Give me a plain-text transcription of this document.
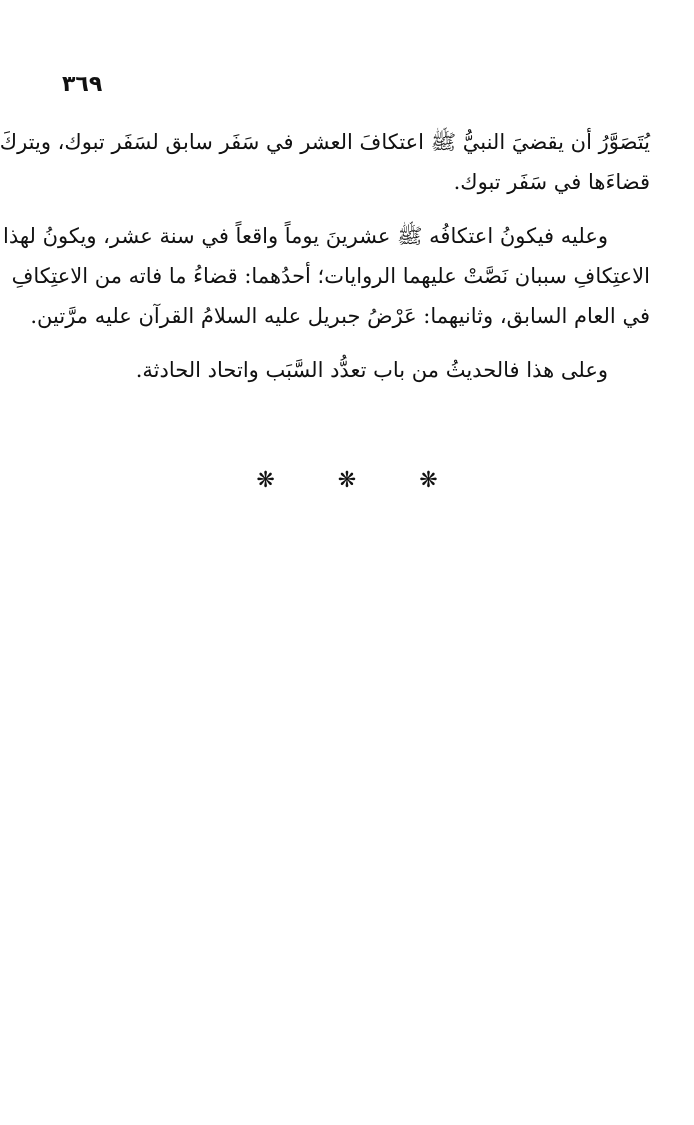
٣٦٩

يُتَصَوَّرُ أن يقضيَ النبيُّ ﷺ اعتكافَ العشر في سَفَر سابق لسَفَر تبوك، ويتركَ
قضاءَها في سَفَر تبوك.

وعليه فيكونُ اعتكافُه ﷺ عشرينَ يوماً واقعاً في سنة عشر، ويكونُ لهذا
الاعتِكافِ سببان نَصَّتْ عليهما الروايات؛ أحدُهما: قضاءُ ما فاته من الاعتِكافِ
في العام السابق، وثانيهما: عَرْضُ جبريل عليه السلامُ القرآن عليه مرَّتين.

وعلى هذا فالحديثُ من باب تعدُّد السَّبَب واتحاد الحادثة.

❋	❋	❋
